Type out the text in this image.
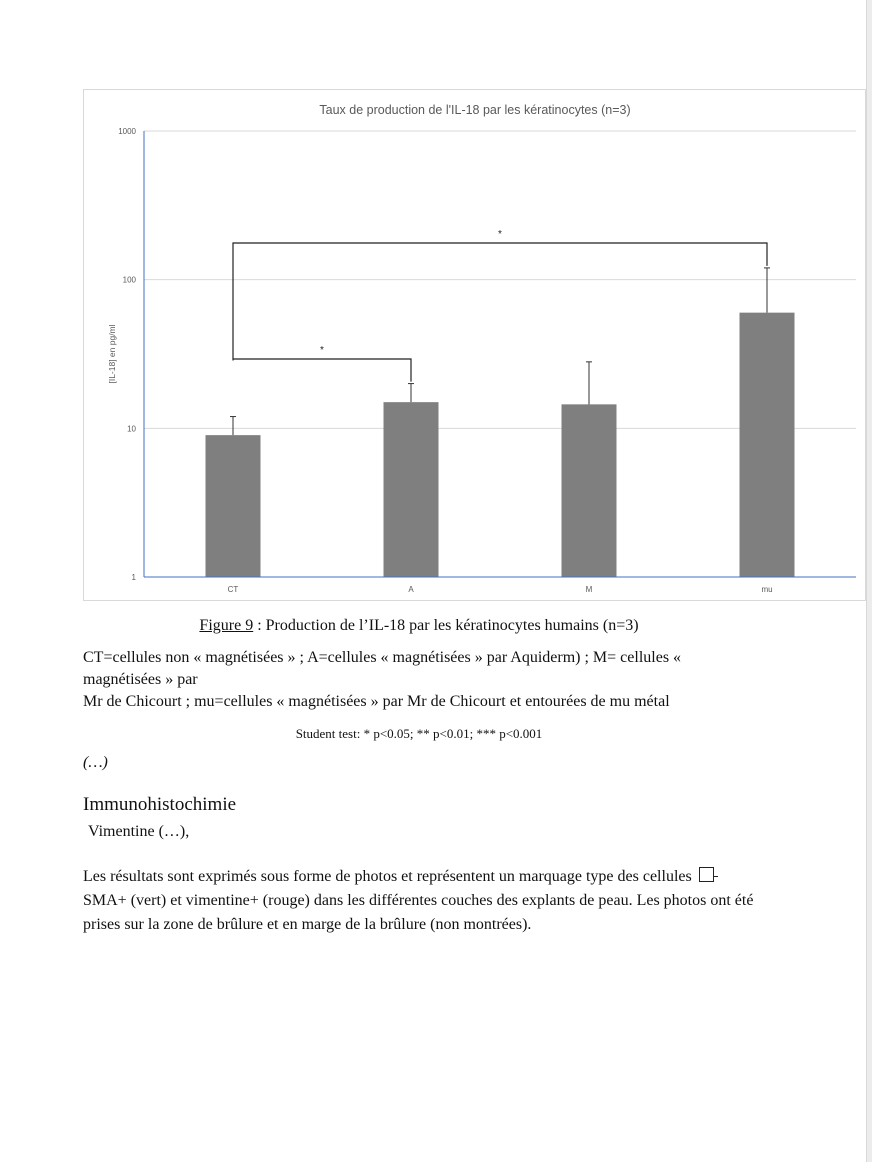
1
10
100
1000
Taux de production de l'IL-18 par les kératinocytes (n=3)
[IL-18] en pg/ml
CT	A	M	mu
*
*
Figure 9 : Production de l’IL-18 par les kératinocytes humains (n=3)
CT=cellules non « magnétisées » ; A=cellules « magnétisées » par Aquiderm) ; M= cellules « magnétisées » par
Mr de Chicourt ; mu=cellules « magnétisées » par Mr de Chicourt et entourées de mu métal
Student test: * p<0.05; ** p<0.01; *** p<0.001
(…)
Immunohistochimie
Vimentine (…),
Les résultats sont exprimés sous forme de photos et représentent un marquage type des cellules
SMA+ (vert) et vimentine+ (rouge) dans les différentes couches des explants de peau. Les photos ont été prises sur la zone de brûlure et en marge de la brûlure (non montrées).
